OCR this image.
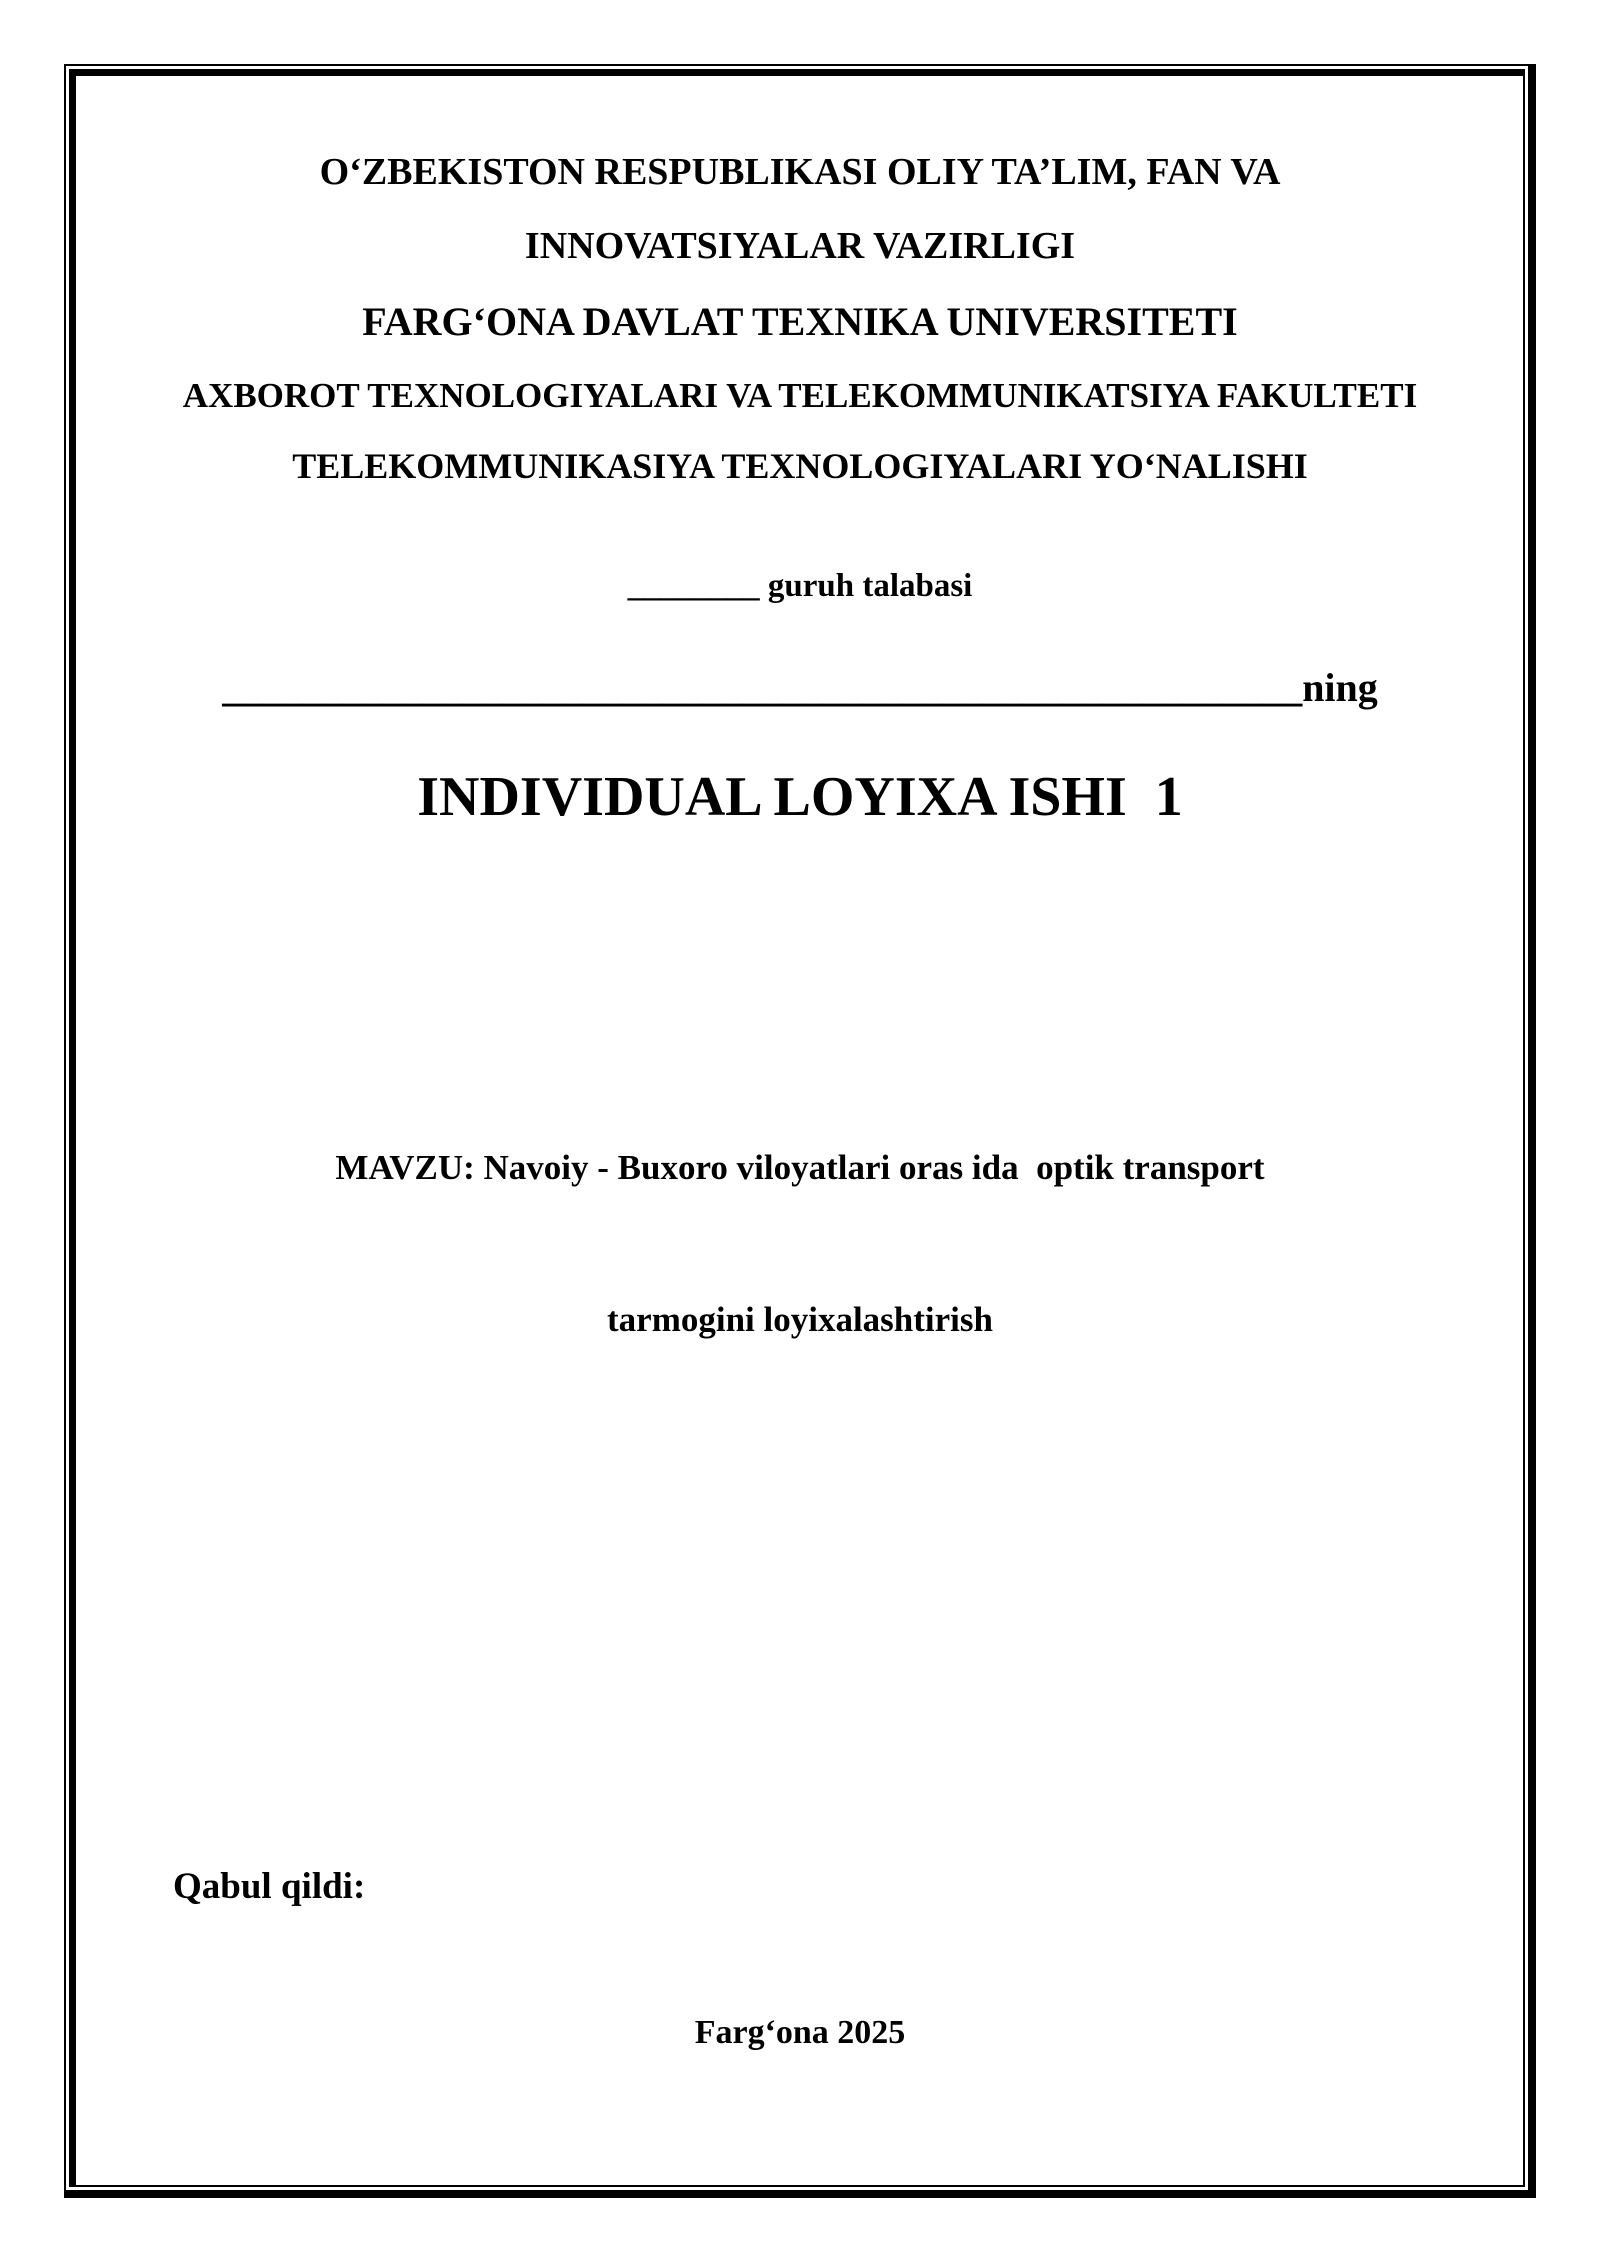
O‘ZBEKISTON RESPUBLIKASI OLIY TA’LIM, FAN VA
INNOVATSIYALAR VAZIRLIGI
FARG‘ONA DAVLAT TEXNIKA UNIVERSITETI
AXBOROT TEXNOLOGIYALARI VA TELEKOMMUNIKATSIYA FAKULTETI
TELEKOMMUNIKASIYA TEXNOLOGIYALARI YO‘NALISHI
________ guruh talabasi
______________________________________________________ning
INDIVIDUAL LOYIXA ISHI  1

MAVZU: Navoiy - Buxoro viloyatlari oras ida  optik transport

tarmogini loyixalashtirish

Qabul qildi:
Farg‘ona 2025
